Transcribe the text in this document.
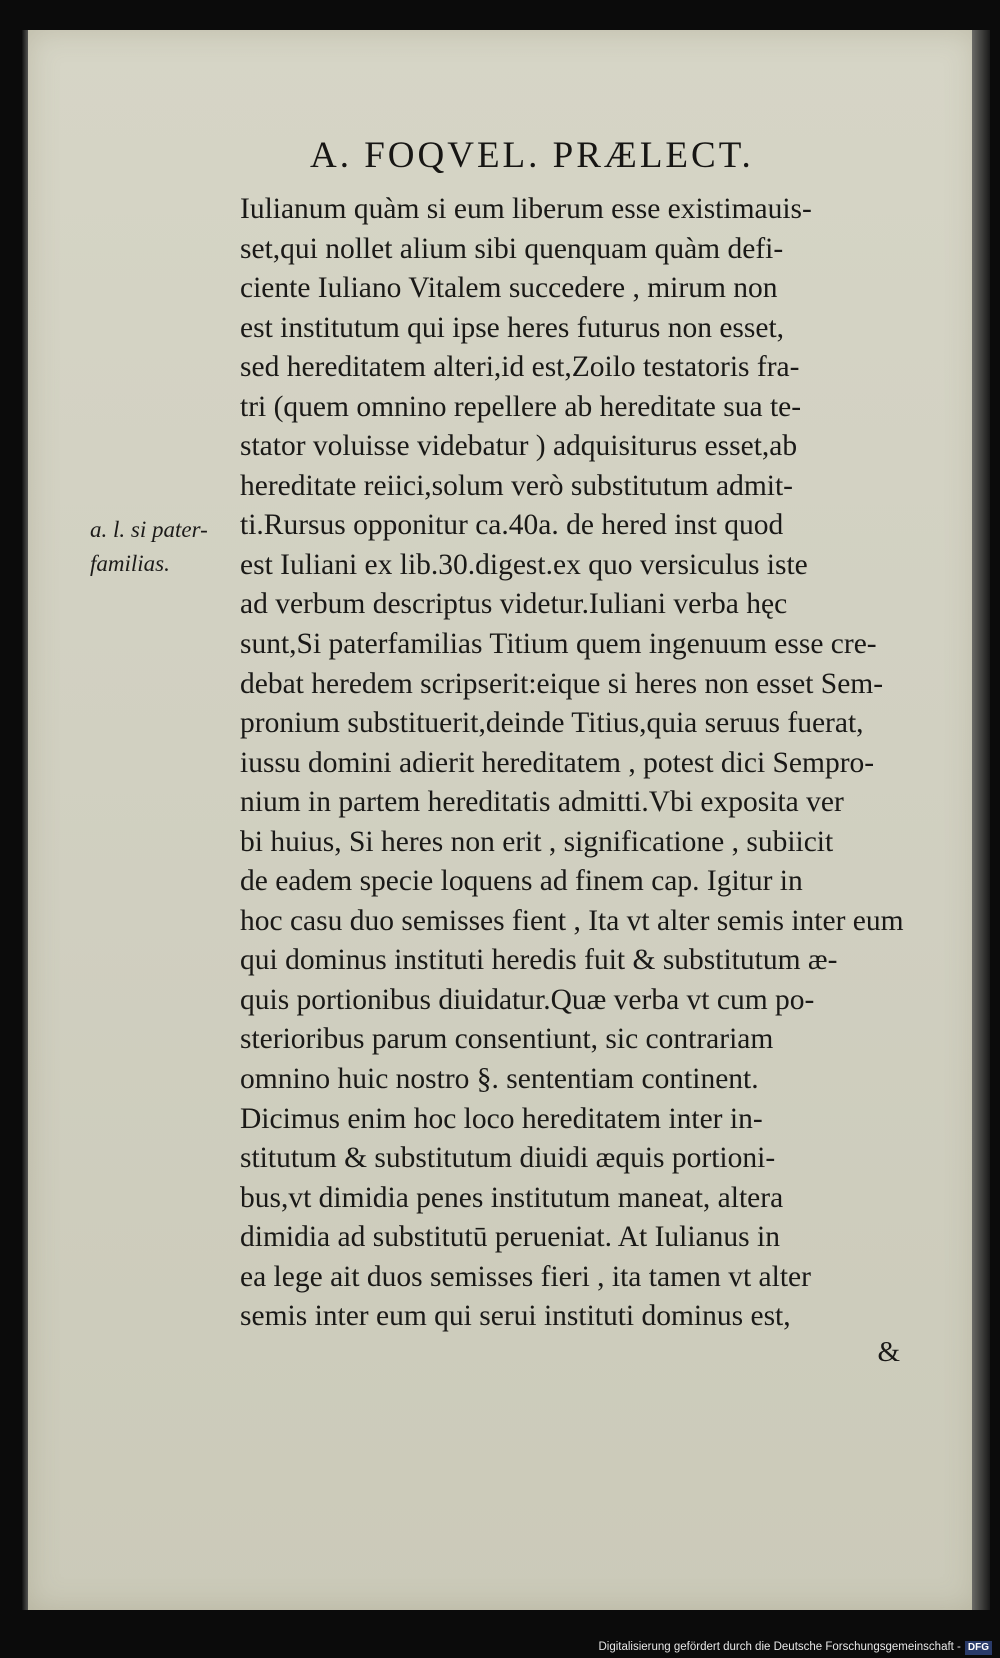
A. FOQVEL. PRÆLECT.
a. l. si pater-
familias.
Iulianum quàm si eum liberum esse existimauis-
set,qui nollet alium sibi quenquam quàm defi-
ciente Iuliano Vitalem succedere , mirum non
est institutum qui ipse heres futurus non esset,
sed hereditatem alteri,id est,Zoilo testatoris fra-
tri (quem omnino repellere ab hereditate sua te-
stator voluisse videbatur ) adquisiturus esset,ab
hereditate reiici,solum verò substitutum admit-
ti.Rursus opponitur ca.40a. de hered inst quod
est Iuliani ex lib.30.digest.ex quo versiculus iste
ad verbum descriptus videtur.Iuliani verba hęc
sunt,Si paterfamilias Titium quem ingenuum esse cre-
debat heredem scripserit:eique si heres non esset Sem-
pronium substituerit,deinde Titius,quia seruus fuerat,
iussu domini adierit hereditatem , potest dici Sempro-
nium in partem hereditatis admitti.Vbi exposita ver
bi huius, Si heres non erit , significatione , subiicit
de eadem specie loquens ad finem cap. Igitur in
hoc casu duo semisses fient , Ita vt alter semis inter eum
qui dominus instituti heredis fuit & substitutum æ-
quis portionibus diuidatur.Quæ verba vt cum po-
sterioribus parum consentiunt, sic contrariam
omnino huic nostro §. sententiam continent.
Dicimus enim hoc loco hereditatem inter in-
stitutum & substitutum diuidi æquis portioni-
bus,vt dimidia penes institutum maneat, altera
dimidia ad substitutū perueniat. At Iulianus in
ea lege ait duos semisses fieri , ita tamen vt alter
semis inter eum qui serui instituti dominus est,
&
Digitalisierung gefördert durch die Deutsche Forschungsgemeinschaft - DFG
